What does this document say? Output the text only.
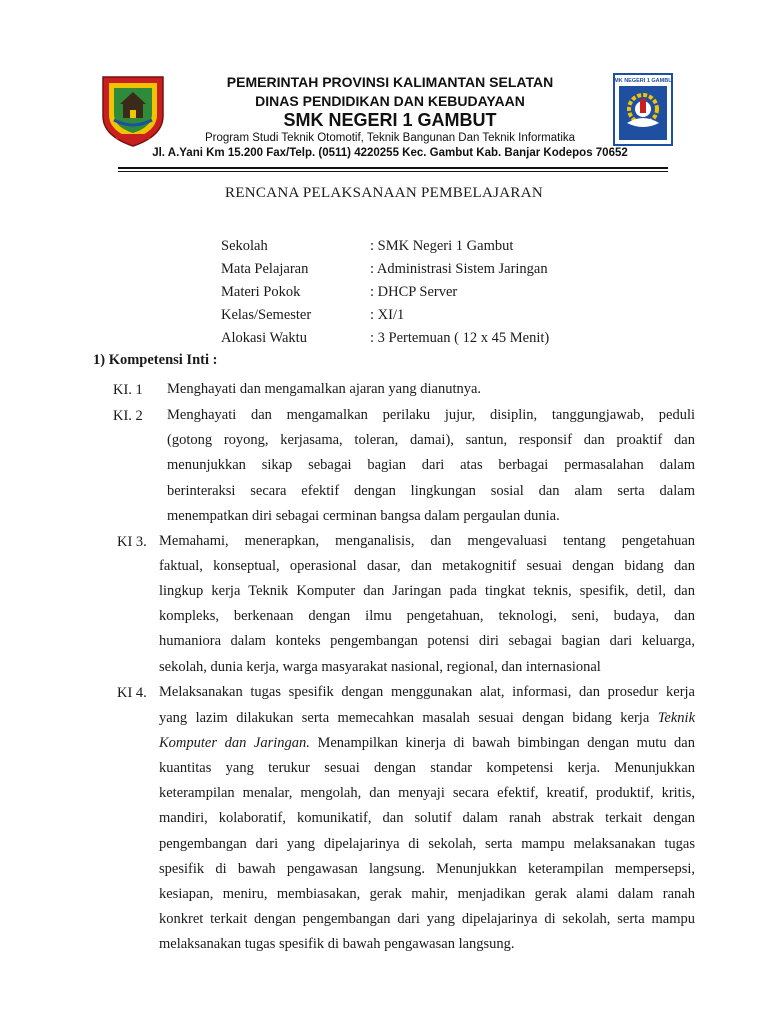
SMK NEGERI 1 GAMBUT
PEMERINTAH PROVINSI KALIMANTAN SELATAN
DINAS PENDIDIKAN DAN KEBUDAYAAN
SMK NEGERI 1 GAMBUT
Program Studi Teknik Otomotif, Teknik Bangunan Dan Teknik Informatika
Jl. A.Yani Km 15.200 Fax/Telp. (0511) 4220255 Kec. Gambut Kab. Banjar Kodepos 70652
RENCANA PELAKSANAAN PEMBELAJARAN
Sekolah	: SMK Negeri 1 Gambut
Mata Pelajaran	: Administrasi Sistem Jaringan
Materi Pokok	: DHCP Server
Kelas/Semester	: XI/1
Alokasi Waktu	: 3 Pertemuan ( 12 x 45 Menit)
1) Kompetensi Inti :
KI. 1 Menghayati dan mengamalkan ajaran yang dianutnya.
KI. 2 Menghayati dan mengamalkan perilaku jujur, disiplin, tanggungjawab, peduli
(gotong royong, kerjasama, toleran, damai), santun, responsif dan proaktif dan
menunjukkan sikap sebagai bagian dari atas berbagai permasalahan dalam
berinteraksi secara efektif dengan lingkungan sosial dan alam serta dalam
menempatkan diri sebagai cerminan bangsa dalam pergaulan dunia.
KI 3. Memahami, menerapkan, menganalisis, dan mengevaluasi tentang pengetahuan
faktual, konseptual, operasional dasar, dan metakognitif sesuai dengan bidang dan
lingkup kerja Teknik Komputer dan Jaringan pada tingkat teknis, spesifik, detil, dan
kompleks, berkenaan dengan ilmu pengetahuan, teknologi, seni, budaya, dan
humaniora dalam konteks pengembangan potensi diri sebagai bagian dari keluarga,
sekolah, dunia kerja, warga masyarakat nasional, regional, dan internasional
KI 4. Melaksanakan tugas spesifik dengan menggunakan alat, informasi, dan prosedur kerja
yang lazim dilakukan serta memecahkan masalah sesuai dengan bidang kerja Teknik
Komputer dan Jaringan. Menampilkan kinerja di bawah bimbingan dengan mutu dan
kuantitas yang terukur sesuai dengan standar kompetensi kerja. Menunjukkan
keterampilan menalar, mengolah, dan menyaji secara efektif, kreatif, produktif, kritis,
mandiri, kolaboratif, komunikatif, dan solutif dalam ranah abstrak terkait dengan
pengembangan dari yang dipelajarinya di sekolah, serta mampu melaksanakan tugas
spesifik di bawah pengawasan langsung. Menunjukkan keterampilan mempersepsi,
kesiapan, meniru, membiasakan, gerak mahir, menjadikan gerak alami dalam ranah
konkret terkait dengan pengembangan dari yang dipelajarinya di sekolah, serta mampu
melaksanakan tugas spesifik di bawah pengawasan langsung.
